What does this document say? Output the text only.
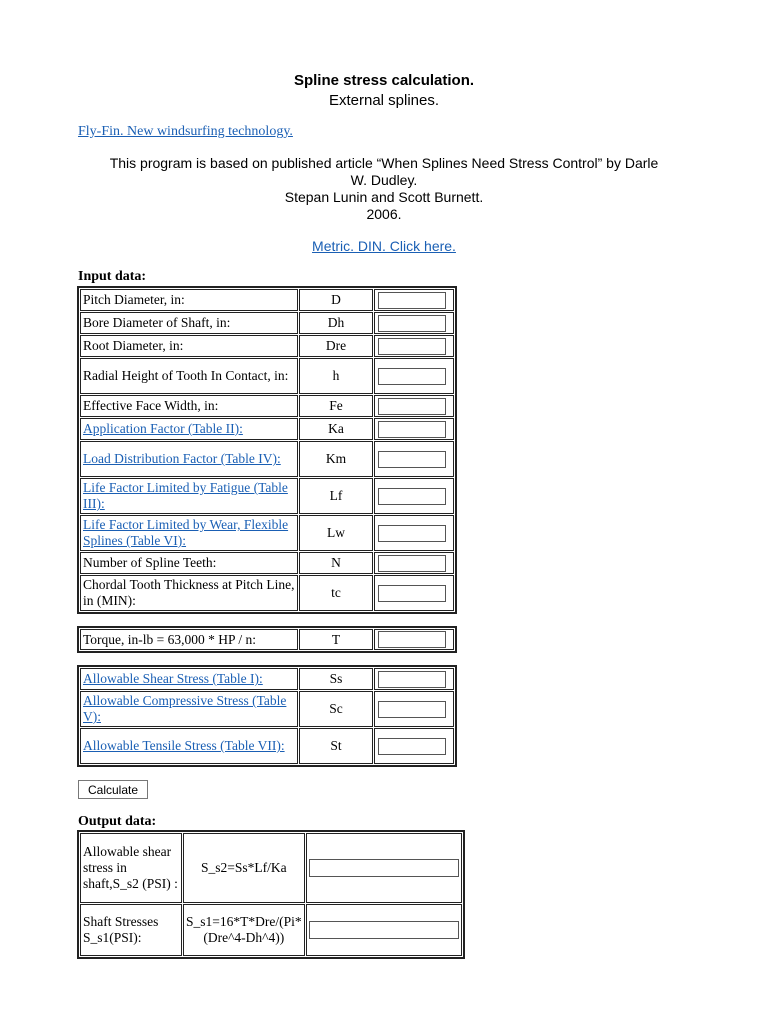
Spline stress calculation.
External splines.
Fly-Fin. New windsurfing technology.
This program is based on published article “When Splines Need Stress Control” by Darle
W. Dudley.
Stepan Lunin and Scott Burnett.
2006.
Metric. DIN. Click here.
Input data:
Pitch Diameter, in:	D	
Bore Diameter of Shaft, in:	Dh	
Root Diameter, in:	Dre	
Radial Height of Tooth In Contact, in:	h	
Effective Face Width, in:	Fe	
Application Factor (Table II):	Ka	
Load Distribution Factor (Table IV):	Km	
Life Factor Limited by Fatigue (Table III):	Lf	
Life Factor Limited by Wear, Flexible Splines (Table VI):	Lw	
Number of Spline Teeth:	N	
Chordal Tooth Thickness at Pitch Line, in (MIN):	tc	
Torque, in-lb = 63,000 * HP / n:	T	
Allowable Shear Stress (Table I):	Ss	
Allowable Compressive Stress (Table V):	Sc	
Allowable Tensile Stress (Table VII):	St	
Calculate
Output data:
Allowable shear stress in shaft,S_s2 (PSI) :	S_s2=Ss*Lf/Ka	
Shaft Stresses S_s1(PSI):	S_s1=16*T*Dre/(Pi*(Dre^4-Dh^4))	
